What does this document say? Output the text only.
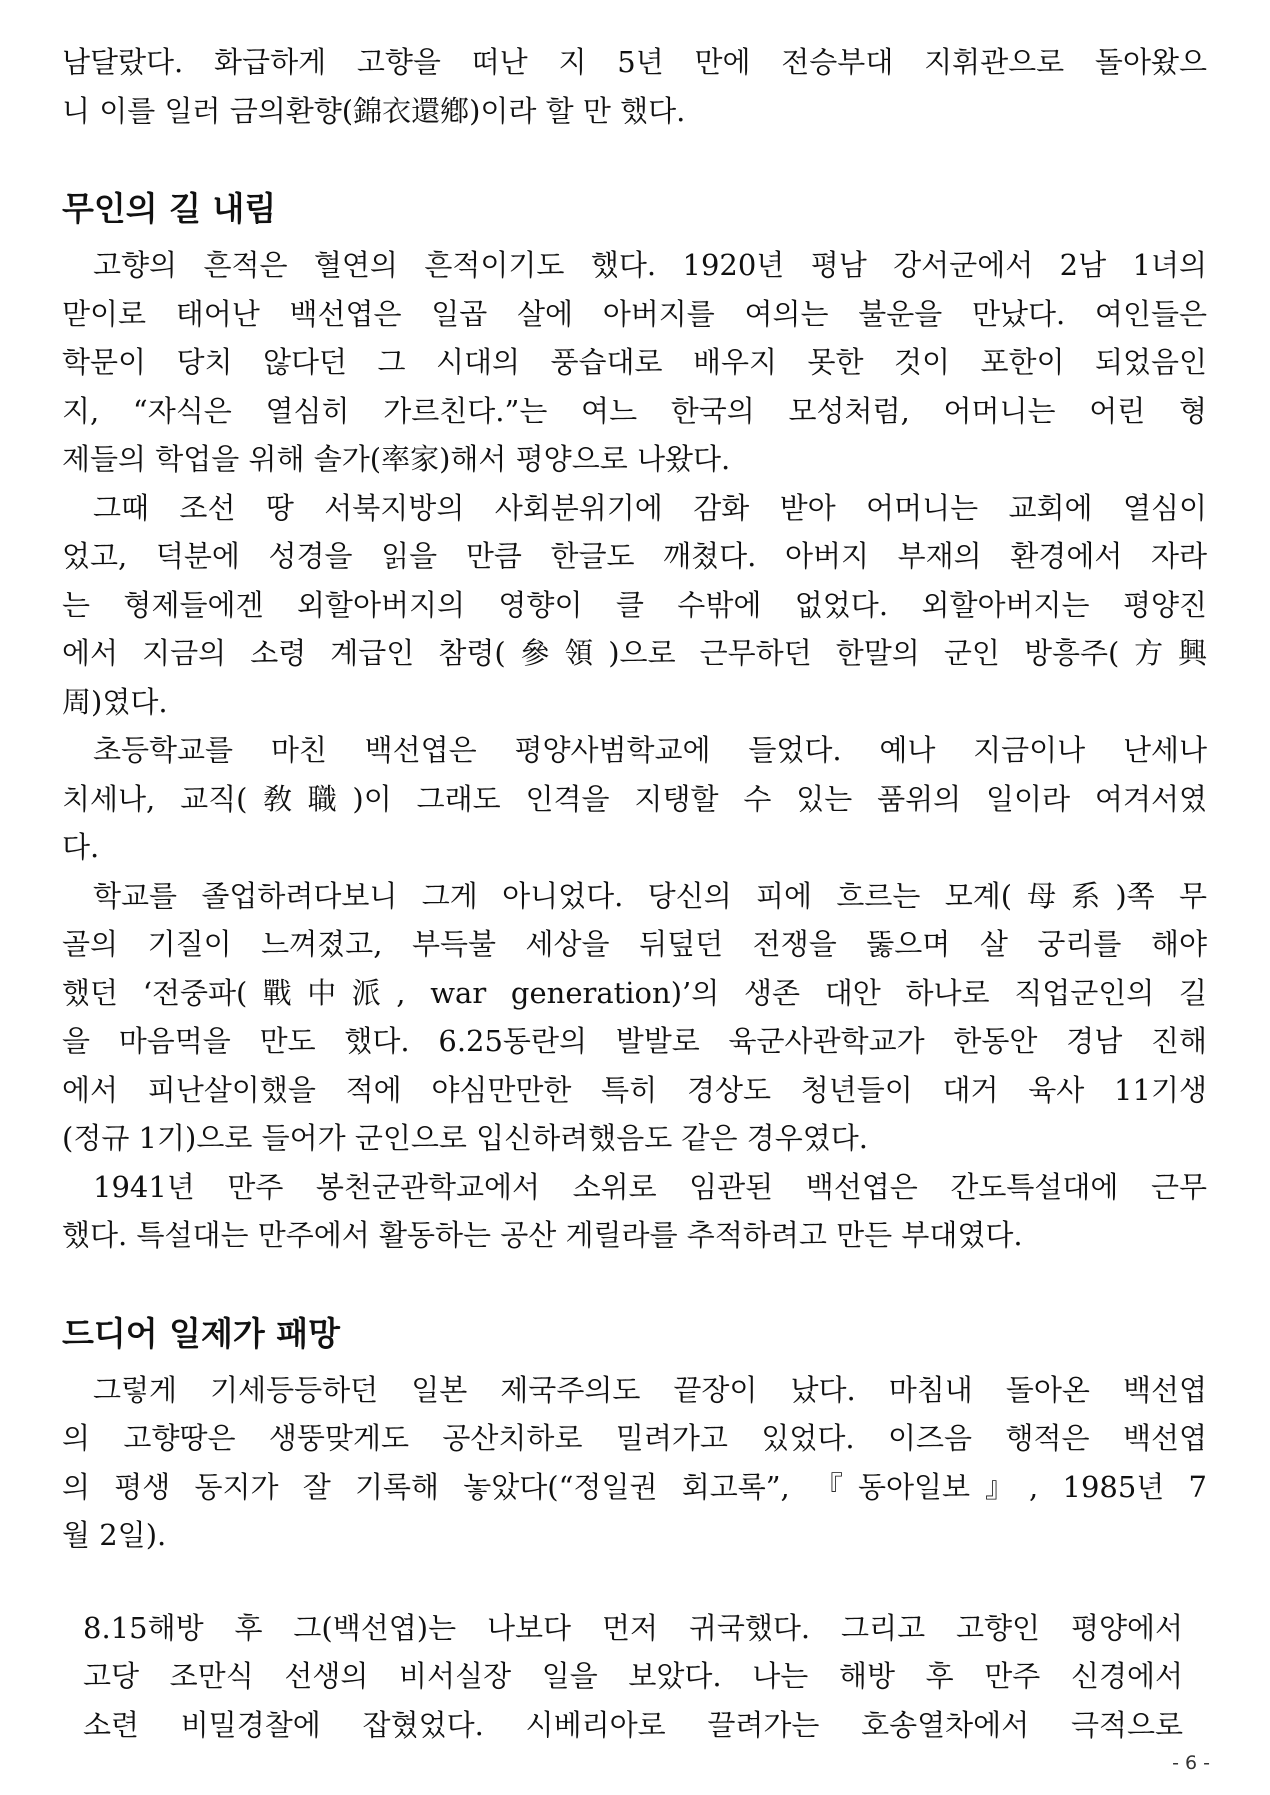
남달랐다. 화급하게 고향을 떠난 지 5년 만에 전승부대 지휘관으로 돌아왔으

니 이를 일러 금의환향(錦衣還鄕)이라 할 만 했다.

무인의 길 내림

고향의 흔적은 혈연의 흔적이기도 했다. 1920년 평남 강서군에서 2남 1녀의

맏이로 태어난 백선엽은 일곱 살에 아버지를 여의는 불운을 만났다. 여인들은

학문이 당치 않다던 그 시대의 풍습대로 배우지 못한 것이 포한이 되었음인

지, “자식은 열심히 가르친다.”는 여느 한국의 모성처럼, 어머니는 어린 형

제들의 학업을 위해 솔가(率家)해서 평양으로 나왔다.

그때 조선 땅 서북지방의 사회분위기에 감화 받아 어머니는 교회에 열심이

었고, 덕분에 성경을 읽을 만큼 한글도 깨쳤다. 아버지 부재의 환경에서 자라

는 형제들에겐 외할아버지의 영향이 클 수밖에 없었다. 외할아버지는 평양진

에서 지금의 소령 계급인 참령(參領)으로 근무하던 한말의 군인 방흥주(方興

周)였다.

초등학교를 마친 백선엽은 평양사범학교에 들었다. 예나 지금이나 난세나

치세나, 교직(敎職)이 그래도 인격을 지탱할 수 있는 품위의 일이라 여겨서였

다.

학교를 졸업하려다보니 그게 아니었다. 당신의 피에 흐르는 모계(母系)쪽 무

골의 기질이 느껴졌고, 부득불 세상을 뒤덮던 전쟁을 뚫으며 살 궁리를 해야

했던 ‘전중파(戰中派, war generation)’의 생존 대안 하나로 직업군인의 길

을 마음먹을 만도 했다. 6.25동란의 발발로 육군사관학교가 한동안 경남 진해

에서 피난살이했을 적에 야심만만한 특히 경상도 청년들이 대거 육사 11기생

(정규 1기)으로 들어가 군인으로 입신하려했음도 같은 경우였다.

1941년 만주 봉천군관학교에서 소위로 임관된 백선엽은 간도특설대에 근무

했다. 특설대는 만주에서 활동하는 공산 게릴라를 추적하려고 만든 부대였다.

드디어 일제가 패망

그렇게 기세등등하던 일본 제국주의도 끝장이 났다. 마침내 돌아온 백선엽

의 고향땅은 생뚱맞게도 공산치하로 밀려가고 있었다. 이즈음 행적은 백선엽

의 평생 동지가 잘 기록해 놓았다(“정일권 회고록”, 『동아일보』, 1985년 7

월 2일).

8.15해방 후 그(백선엽)는 나보다 먼저 귀국했다. 그리고 고향인 평양에서

고당 조만식 선생의 비서실장 일을 보았다. 나는 해방 후 만주 신경에서

소련 비밀경찰에 잡혔었다. 시베리아로 끌려가는 호송열차에서 극적으로

- 6 -
